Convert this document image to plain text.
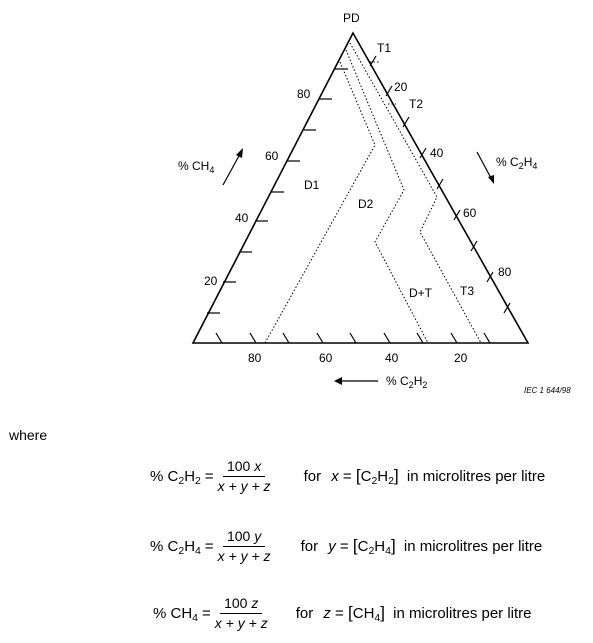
PD
T1
T2
D1
D2
D+T T3
80
60
40
20
20
40
60
80
80	60	40	20
% $CH_4$
% $C_2H_4$
% $C_2H_2$
IEC 1 644/98
where
% $C_2H_2 = \frac{100 x}{x + y + z}$ for $x = [C_2H_2]$ in microlitres per litre
% $C_2H_4 = \frac{100 y}{x + y + z}$ for $y = [C_2H_4]$ in microlitres per litre
% $CH_4 = \frac{100 z}{x + y + z}$ for $z = [CH_4]$ in microlitres per litre
